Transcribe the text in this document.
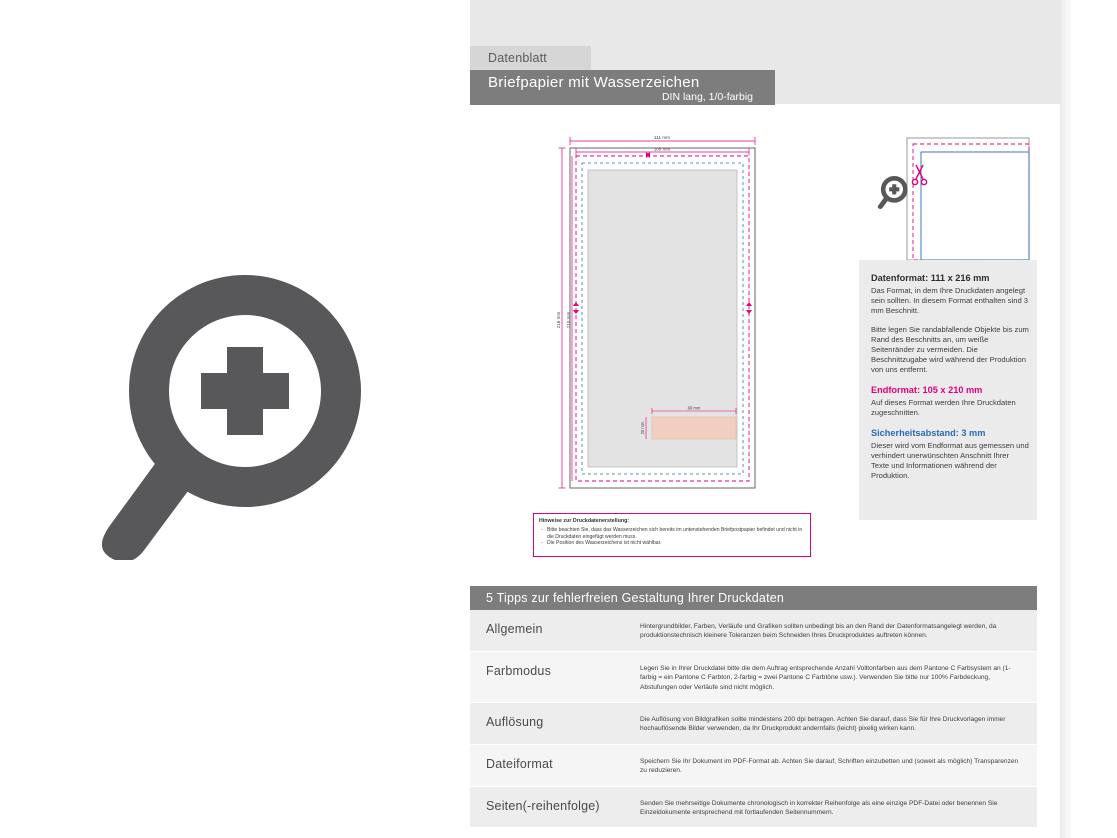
Datenblatt
Briefpapier mit Wasserzeichen
DIN lang, 1/0-farbig
111 mm
105 mm
216 mm 210 mm
60 mm
20 mm
Hinweise zur Druckdatenerstellung:
- Bitte beachten Sie, dass das Wasserzeichen sich bereits im untenstehenden Briefpostpapier befindet und nicht in die Druckdaten eingefügt werden muss.
- Die Position des Wasserzeichens ist nicht wählbar.
Datenformat: 111 x 216 mm

Das Format, in dem Ihre Druckdaten angelegt sein sollten. In diesem Format enthalten sind 3 mm Beschnitt.

Bitte legen Sie randabfallende Objekte bis zum Rand des Beschnitts an, um weiße Seitenränder zu vermeiden. Die Beschnittzugabe wird während der Produktion von uns entfernt.

Endformat: 105 x 210 mm

Auf dieses Format werden Ihre Druckdaten zugeschnitten.

Sicherheitsabstand: 3 mm

Dieser wird vom Endformat aus gemessen und verhindert unerwünschten Anschnitt Ihrer Texte und Informationen während der Produktion.

5 Tipps zur fehlerfreien Gestaltung Ihrer Druckdaten
Allgemein	Hintergrundbilder, Farben, Verläufe und Grafiken sollten unbedingt bis an den Rand der Datenformatsangelegt werden, da produktionstechnisch kleinere Toleranzen beim Schneiden Ihres Druckproduktes auftreten können.
Farbmodus	Legen Sie in Ihrer Druckdatei bitte die dem Auftrag entsprechende Anzahl Volltonfarben aus dem Pantone C Farbsystem an (1-farbig = ein Pantone C Farbton, 2-farbig = zwei Pantone C Farbtöne usw.). Verwenden Sie bitte nur 100% Farbdeckung, Abstufungen oder Verläufe sind nicht möglich.
Auflösung	Die Auflösung von Bildgrafiken sollte mindestens 200 dpi betragen. Achten Sie darauf, dass Sie für Ihre Druckvorlagen immer hochauflösende Bilder verwenden, da Ihr Druckprodukt andernfalls (leicht) pixelig wirken kann.
Dateiformat	Speichern Sie Ihr Dokument im PDF-Format ab. Achten Sie darauf, Schriften einzubetten und (soweit als möglich) Transparenzen zu reduzieren.
Seiten(-reihenfolge)	Senden Sie mehrseitige Dokumente chronologisch in korrekter Reihenfolge als eine einzige PDF-Datei oder benennen Sie Einzeldokumente entsprechend mit fortlaufenden Seitennummern.
